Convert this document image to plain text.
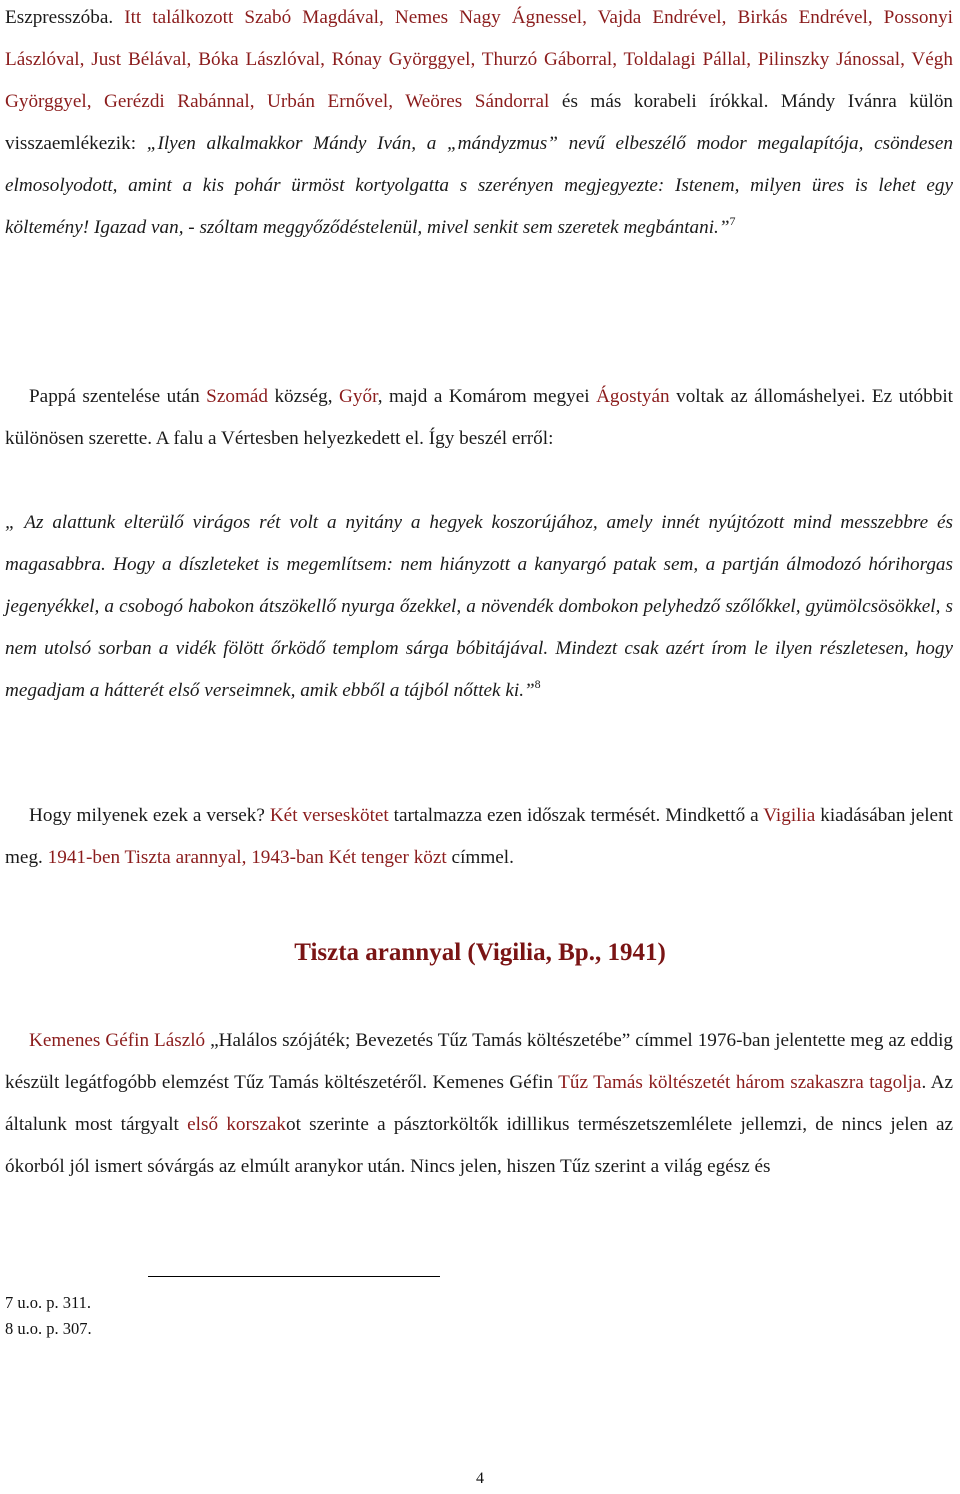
Eszpresszóba. Itt találkozott Szabó Magdával, Nemes Nagy Ágnessel, Vajda Endrével, Birkás Endrével, Possonyi Lászlóval, Just Bélával, Bóka Lászlóval, Rónay Györggyel, Thurzó Gáborral, Toldalagi Pállal, Pilinszky Jánossal, Végh Györggyel, Gerézdi Rabánnal, Urbán Ernővel, Weöres Sándorral és más korabeli írókkal. Mándy Ivánra külön visszaemlékezik: „Ilyen alkalmakkor Mándy Iván, a „mándyzmus” nevű elbeszélő modor megalapítója, csöndesen elmosolyodott, amint a kis pohár ürmöst kortyolgatta s szerényen megjegyezte: Istenem, milyen üres is lehet egy költemény! Igazad van, - szóltam meggyőződéstelenül, mivel senkit sem szeretek megbántani.”$^7$
Pappá szentelése után Szomád község, Győr, majd a Komárom megyei Ágostyán voltak az állomáshelyei. Ez utóbbit különösen szerette. A falu a Vértesben helyezkedett el. Így beszél erről:
„ Az alattunk elterülő virágos rét volt a nyitány a hegyek koszorújához, amely innét nyújtózott mind messzebbre és magasabbra. Hogy a díszleteket is megemlítsem: nem hiányzott a kanyargó patak sem, a partján álmodozó hórihorgas jegenyékkel, a csobogó habokon átszökellő nyurga őzekkel, a növendék dombokon pelyhedző szőlőkkel, gyümölcsösökkel, s nem utolsó sorban a vidék fölött őrködő templom sárga bóbitájával. Mindezt csak azért írom le ilyen részletesen, hogy megadjam a hátterét első verseimnek, amik ebből a tájból nőttek ki.”$^8$
Hogy milyenek ezek a versek? Két verseskötet tartalmazza ezen időszak termését. Mindkettő a Vigilia kiadásában jelent meg. 1941-ben Tiszta arannyal, 1943-ban Két tenger közt címmel.
Tiszta arannyal (Vigilia, Bp., 1941)
Kemenes Géfin László „Halálos szójáték; Bevezetés Tűz Tamás költészetébe” címmel 1976-ban jelentette meg az eddig készült legátfogóbb elemzést Tűz Tamás költészetéről. Kemenes Géfin Tűz Tamás költészetét három szakaszra tagolja. Az általunk most tárgyalt első korszakot szerinte a pásztorköltők idillikus természetszemlélete jellemzi, de nincs jelen az ókorból jól ismert sóvárgás az elmúlt aranykor után. Nincs jelen, hiszen Tűz szerint a világ egész és
7 u.o. p. 311.
8 u.o. p. 307.
4
